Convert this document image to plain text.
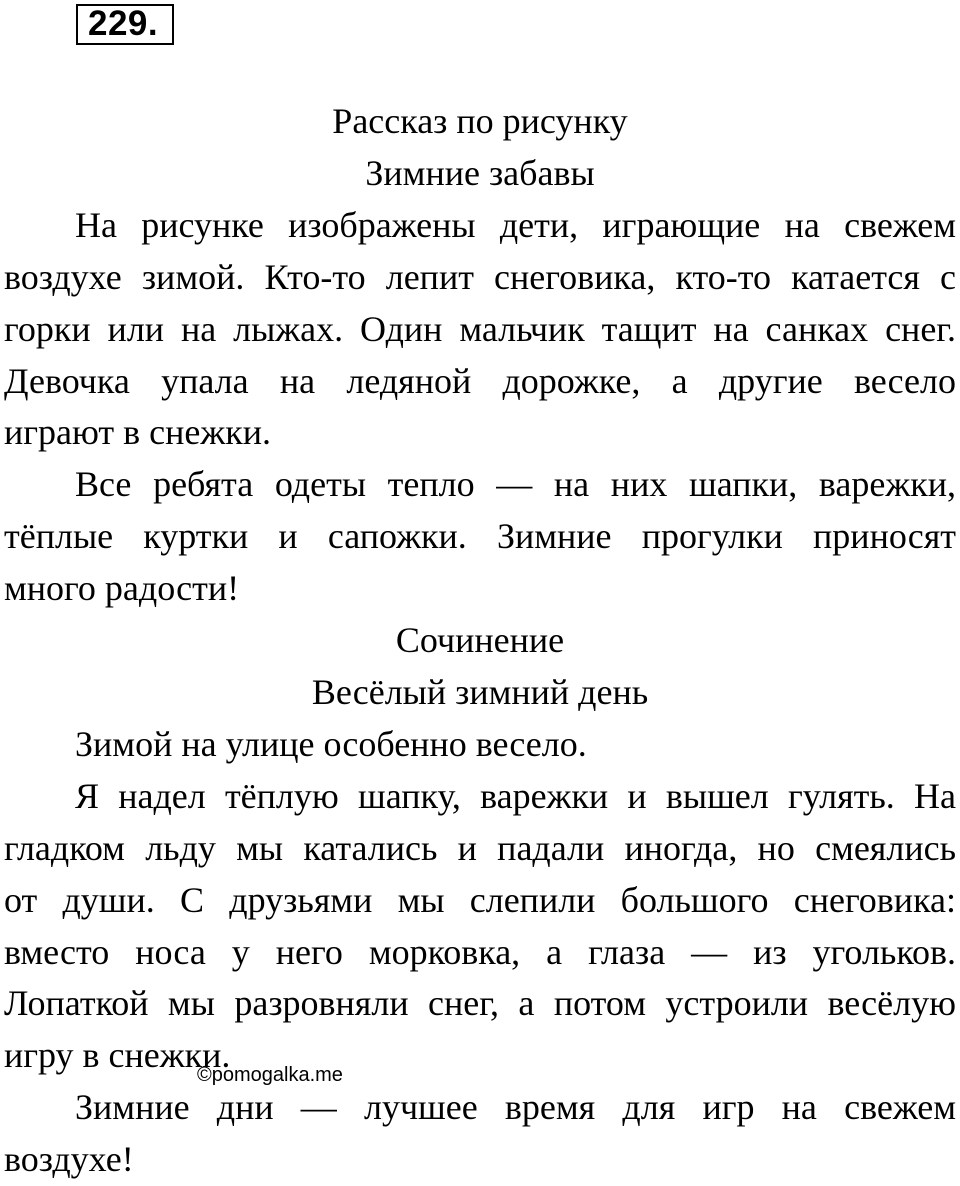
229.
Рассказ по рисунку
Зимние забавы
На рисунке изображены дети, играющие на свежем
воздухе зимой. Кто-то лепит снеговика, кто-то катается с
горки или на лыжах. Один мальчик тащит на санках снег.
Девочка упала на ледяной дорожке, а другие весело
играют в снежки.
Все ребята одеты тепло — на них шапки, варежки,
тёплые куртки и сапожки. Зимние прогулки приносят
много радости!
Сочинение
Весёлый зимний день
Зимой на улице особенно весело.
Я надел тёплую шапку, варежки и вышел гулять. На
гладком льду мы катались и падали иногда, но смеялись
от души. С друзьями мы слепили большого снеговика:
вместо носа у него морковка, а глаза — из угольков.
Лопаткой мы разровняли снег, а потом устроили весёлую
игру в снежки.
Зимние дни — лучшее время для игр на свежем
воздухе!
©pomogalka.me
